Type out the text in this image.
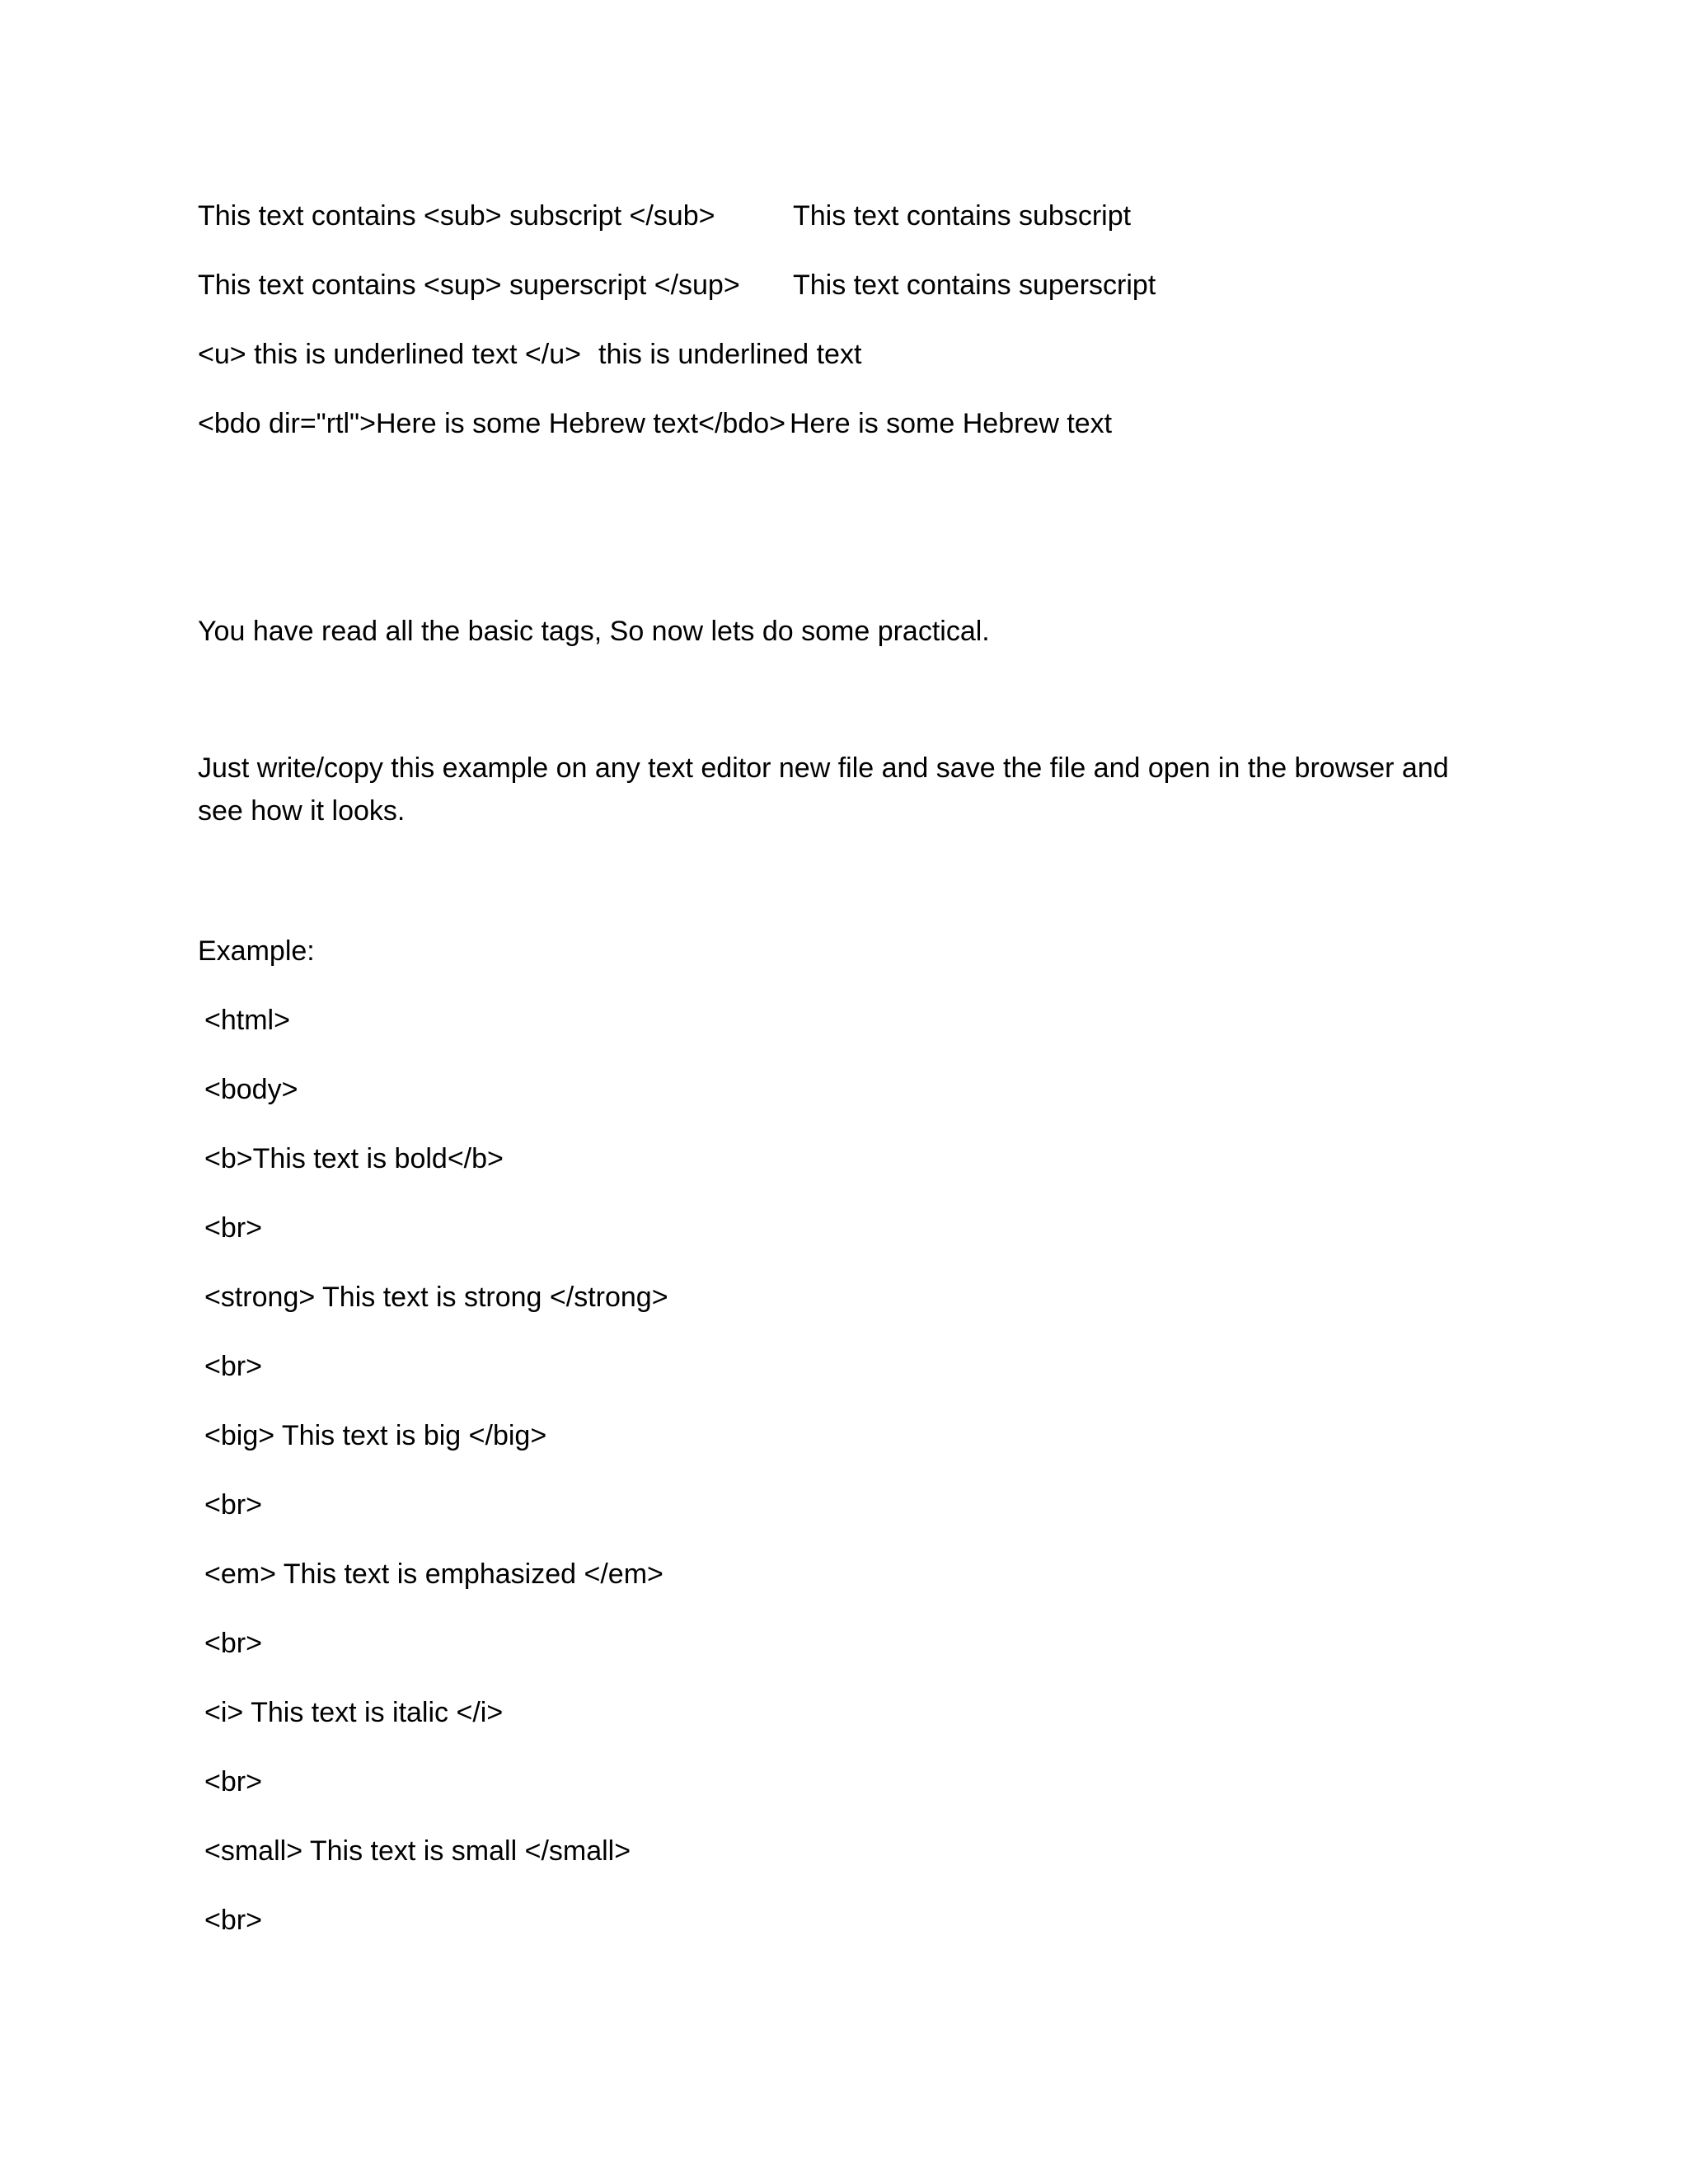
This text contains <sub> subscript </sub>	This text contains subscript
This text contains <sup> superscript </sup> This text contains superscript
<u> this is underlined text </u> this is underlined text
<bdo dir="rtl">Here is some Hebrew text</bdo> Here is some Hebrew text
You have read all the basic tags, So now lets do some practical.
Just write/copy this example on any text editor new file and save the file and open in the browser and see how it looks.
Example:
<html>
<body>
<b>This text is bold</b>
<br>
<strong> This text is strong </strong>
<br>
<big> This text is big </big>
<br>
<em> This text is emphasized </em>
<br>
<i> This text is italic </i>
<br>
<small> This text is small </small>
<br>
